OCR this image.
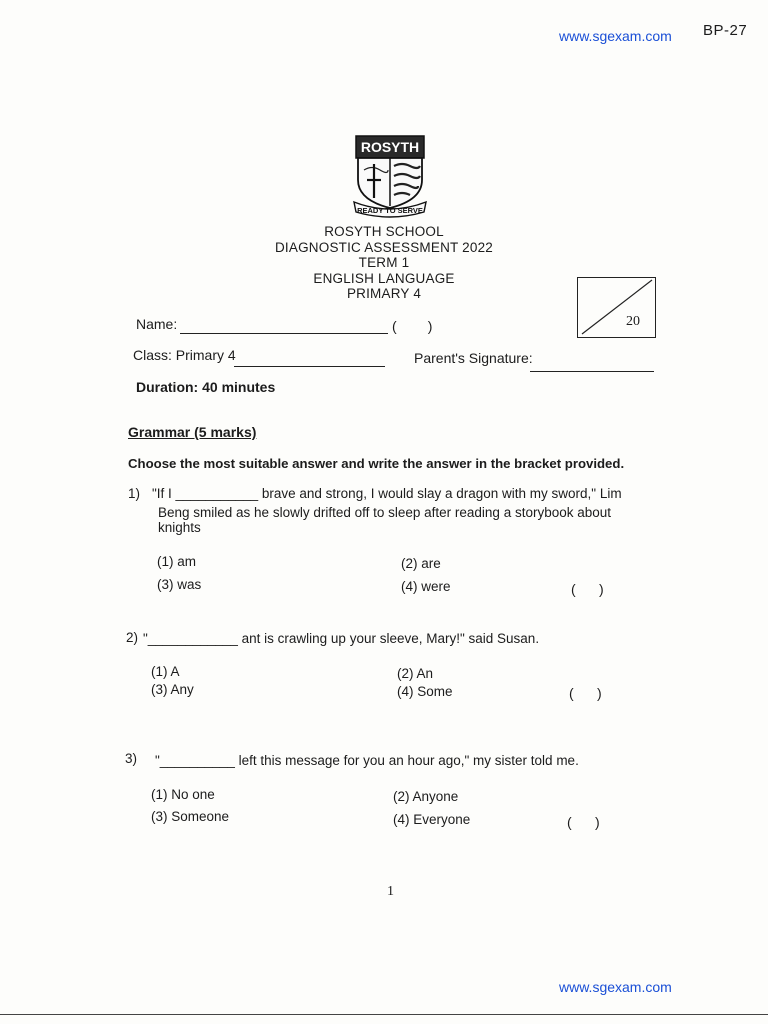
www.sgexam.com BP-27
ROSYTH
READY TO SERVE
ROSYTH SCHOOL
DIAGNOSTIC ASSESSMENT 2022
TERM 1
ENGLISH LANGUAGE
PRIMARY 4
20
Name:	(        )
Class: Primary 4	Parent's Signature:
Duration: 40 minutes
Grammar (5 marks)
Choose the most suitable answer and write the answer in the bracket provided.
1) "If I ___________ brave and strong, I would slay a dragon with my sword," Lim
Beng smiled as he slowly drifted off to sleep after reading a storybook about
knights
(1) am	(2) are
(3) was	(4) were	(      )
2) "____________ ant is crawling up your sleeve, Mary!" said Susan.
(1) A	(2) An
(3) Any	(4) Some	(      )
3) "__________ left this message for you an hour ago," my sister told me.
(1) No one	(2) Anyone
(3) Someone	(4) Everyone	(      )
1
www.sgexam.com
